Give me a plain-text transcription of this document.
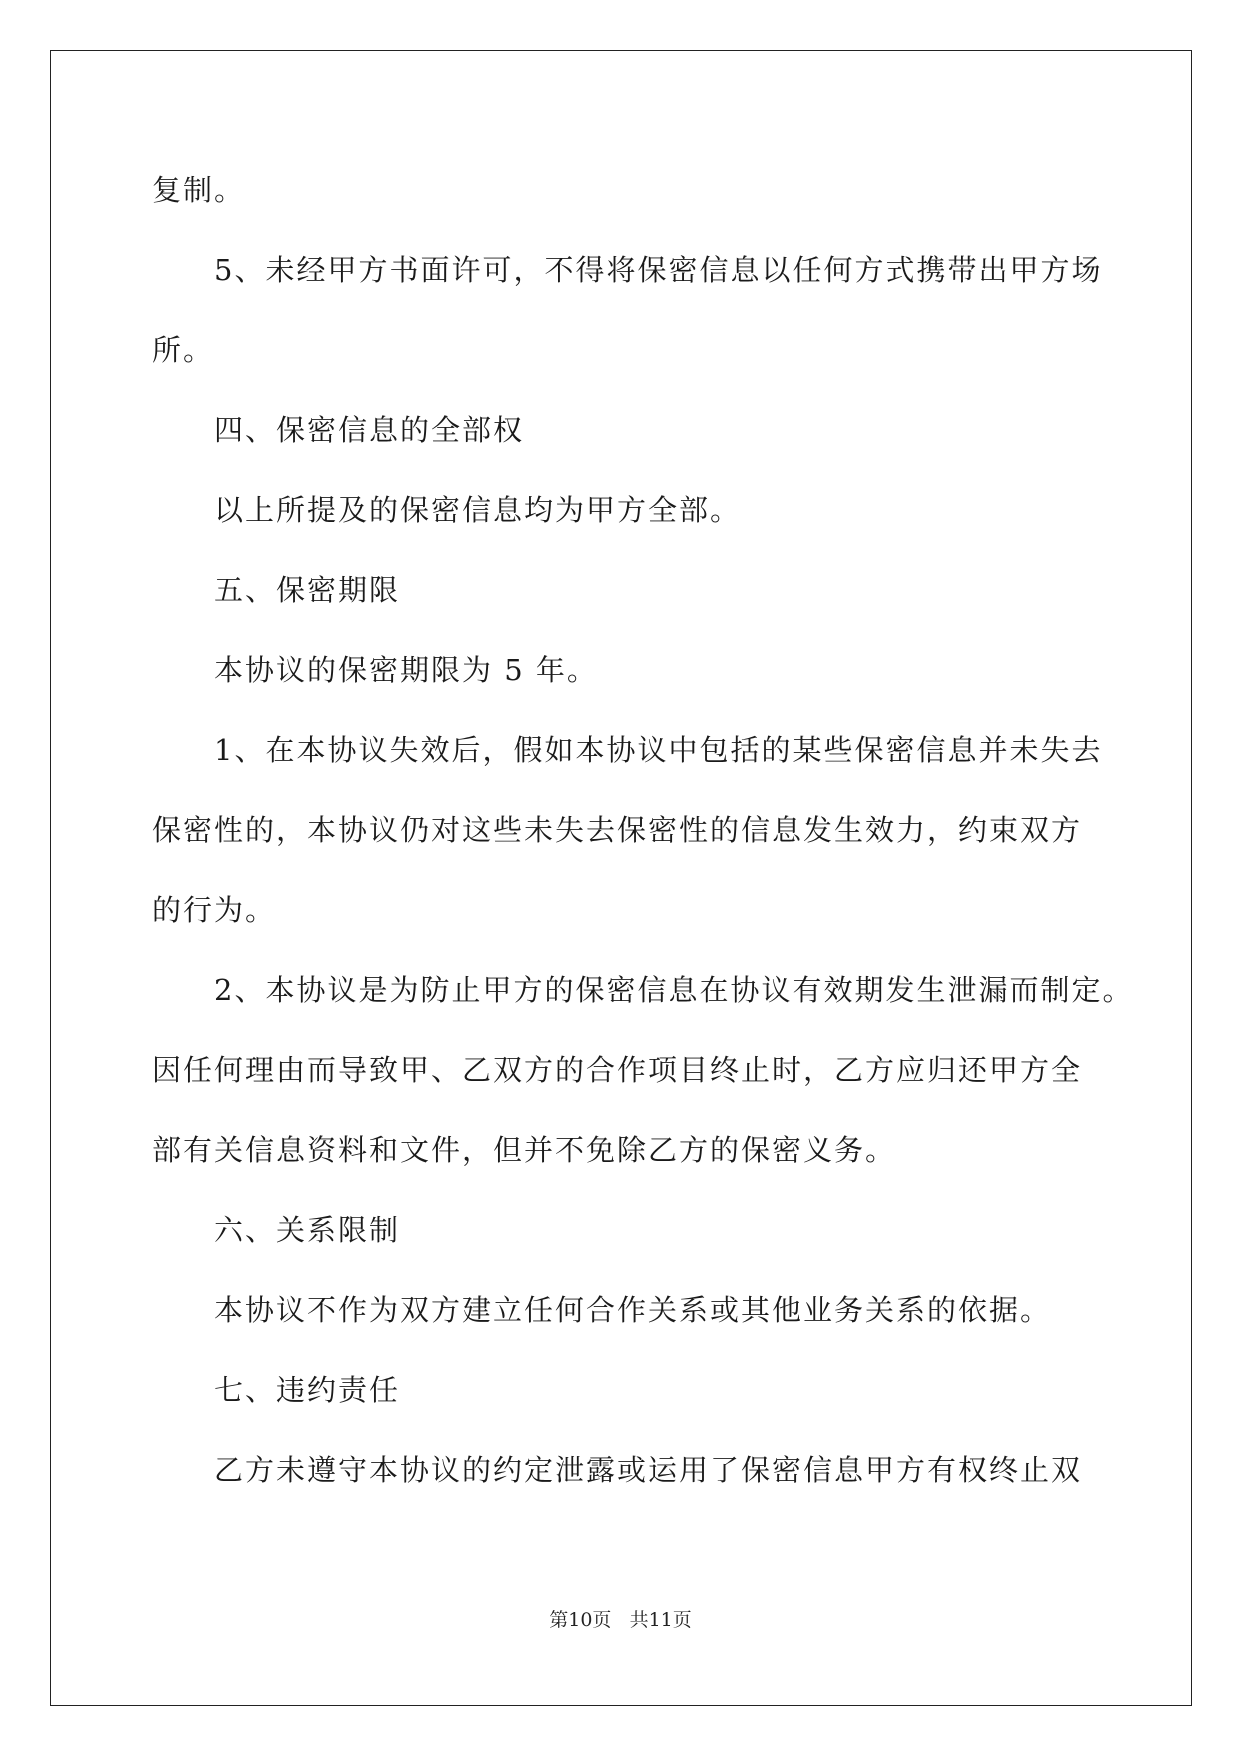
复制。
5、未经甲方书面许可，不得将保密信息以任何方式携带出甲方场
所。
四、保密信息的全部权
以上所提及的保密信息均为甲方全部。
五、保密期限
本协议的保密期限为 5 年。
1、在本协议失效后，假如本协议中包括的某些保密信息并未失去
保密性的，本协议仍对这些未失去保密性的信息发生效力，约束双方
的行为。
2、本协议是为防止甲方的保密信息在协议有效期发生泄漏而制定。
因任何理由而导致甲、乙双方的合作项目终止时，乙方应归还甲方全
部有关信息资料和文件，但并不免除乙方的保密义务。
六、关系限制
本协议不作为双方建立任何合作关系或其他业务关系的依据。
七、违约责任
乙方未遵守本协议的约定泄露或运用了保密信息甲方有权终止双
第10页 共11页
